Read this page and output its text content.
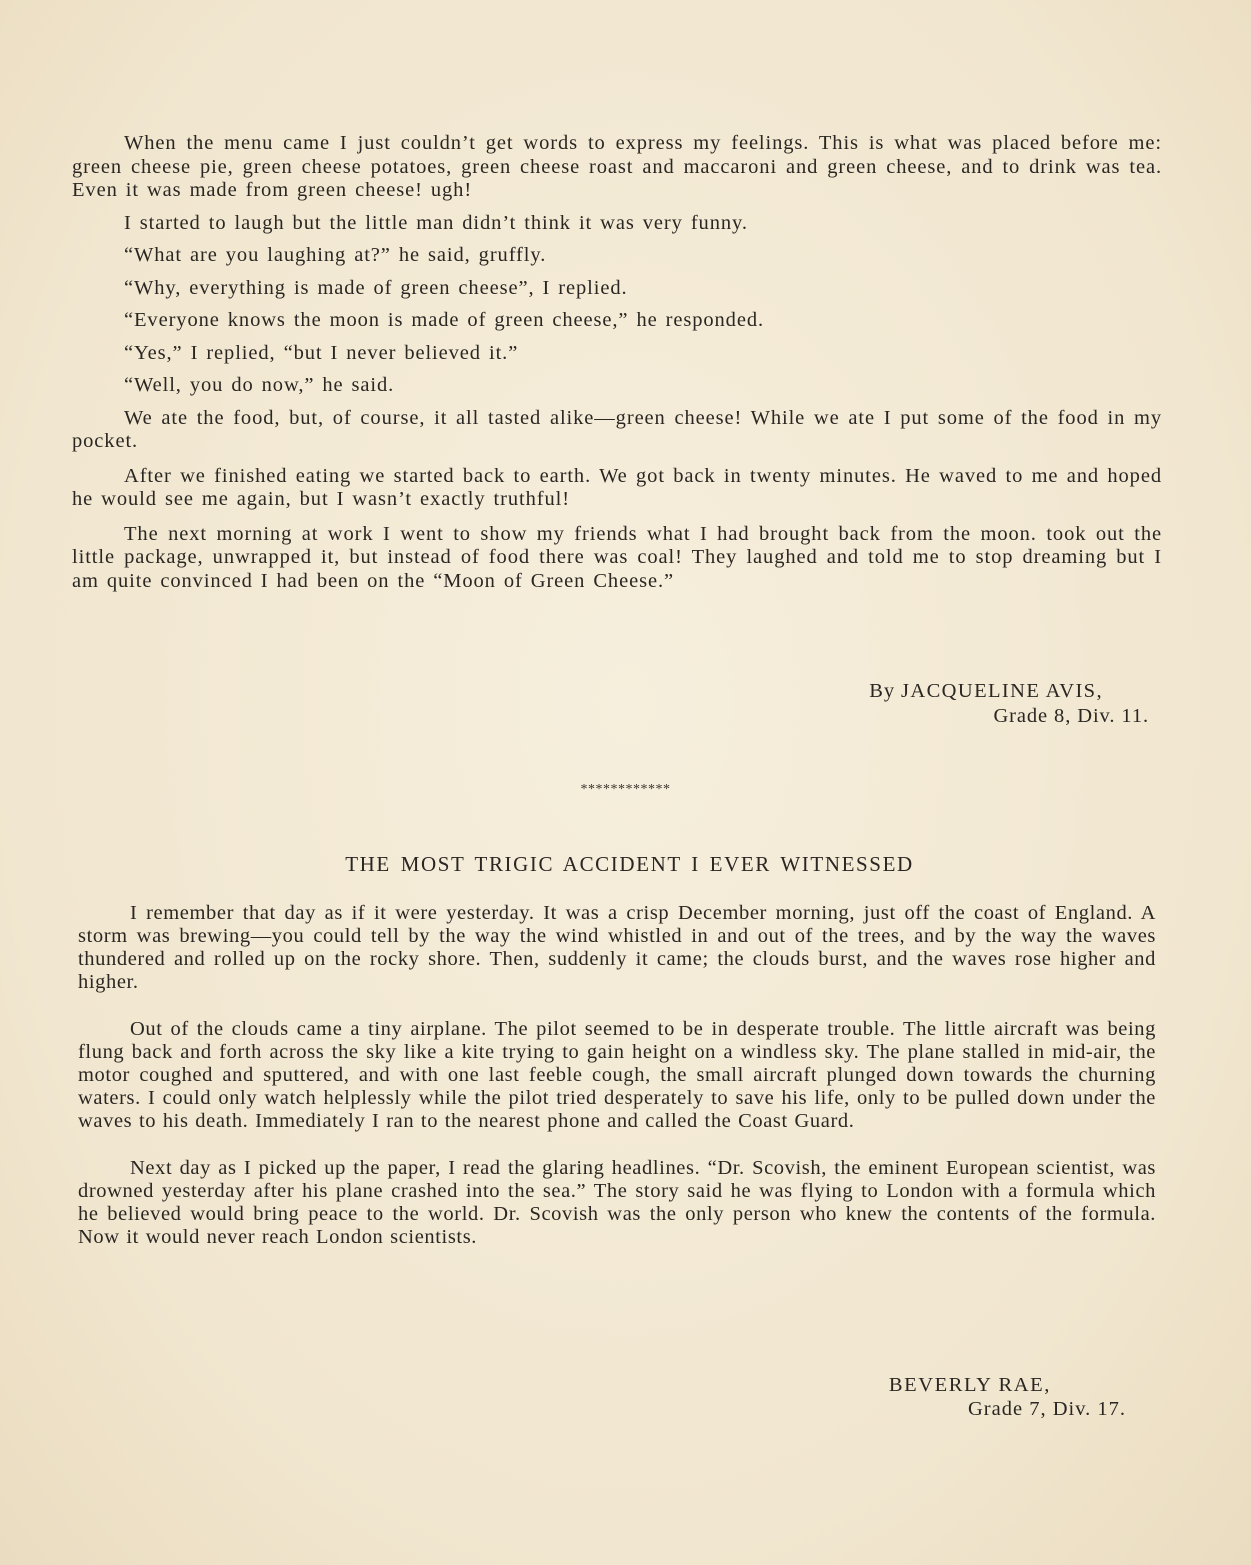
When the menu came I just couldn’t get words to express my feelings. This is what was placed before me: green cheese pie, green cheese potatoes, green cheese roast and maccaroni and green cheese, and to drink was tea. Even it was made from green cheese! ugh!

I started to laugh but the little man didn’t think it was very funny.

“What are you laughing at?” he said, gruffly.

“Why, everything is made of green cheese”, I replied.

“Everyone knows the moon is made of green cheese,” he responded.

“Yes,” I replied, “but I never believed it.”

“Well, you do now,” he said.

We ate the food, but, of course, it all tasted alike—green cheese! While we ate I put some of the food in my pocket.

After we finished eating we started back to earth. We got back in twenty minutes. He waved to me and hoped he would see me again, but I wasn’t exactly truthful!

The next morning at work I went to show my friends what I had brought back from the moon. took out the little package, unwrapped it, but instead of food there was coal! They laughed and told me to stop dreaming but I am quite convinced I had been on the “Moon of Green Cheese.”

By JACQUELINE AVIS,
Grade 8, Div. 11.
************
THE MOST TRIGIC ACCIDENT I EVER WITNESSED

I remember that day as if it were yesterday. It was a crisp December morning, just off the coast of England. A storm was brewing—you could tell by the way the wind whistled in and out of the trees, and by the way the waves thundered and rolled up on the rocky shore. Then, suddenly it came; the clouds burst, and the waves rose higher and higher.

Out of the clouds came a tiny airplane. The pilot seemed to be in desperate trouble. The little aircraft was being flung back and forth across the sky like a kite trying to gain height on a windless sky. The plane stalled in mid-air, the motor coughed and sputtered, and with one last feeble cough, the small aircraft plunged down towards the churning waters. I could only watch helplessly while the pilot tried desperately to save his life, only to be pulled down under the waves to his death. Immediately I ran to the nearest phone and called the Coast Guard.

Next day as I picked up the paper, I read the glaring headlines. “Dr. Scovish, the eminent European scientist, was drowned yesterday after his plane crashed into the sea.” The story said he was flying to London with a formula which he believed would bring peace to the world. Dr. Scovish was the only person who knew the contents of the formula. Now it would never reach London scientists.

BEVERLY RAE,
Grade 7, Div. 17.
